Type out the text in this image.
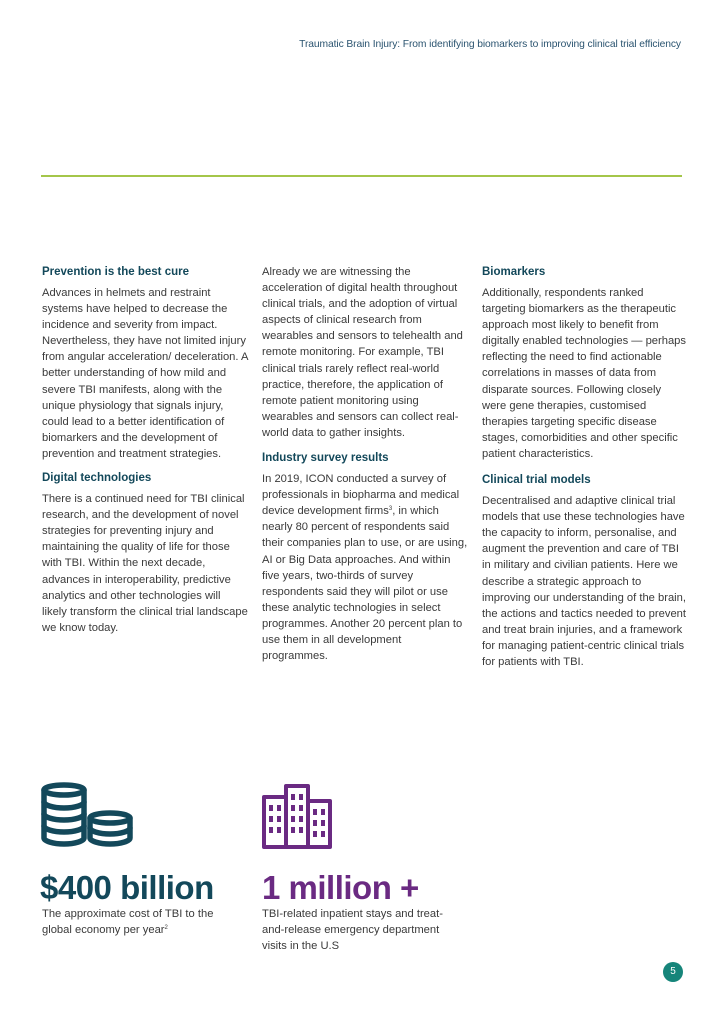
Traumatic Brain Injury: From identifying biomarkers to improving clinical trial efficiency
Prevention is the best cure

Advances in helmets and restraint systems have helped to decrease the incidence and severity from impact. Nevertheless, they have not limited injury from angular acceleration/ deceleration. A better understanding of how mild and severe TBI manifests, along with the unique physiology that signals injury, could lead to a better identification of biomarkers and the development of prevention and treatment strategies.

Digital technologies

There is a continued need for TBI clinical research, and the development of novel strategies for preventing injury and maintaining the quality of life for those with TBI. Within the next decade, advances in interoperability, predictive analytics and other technologies will likely transform the clinical trial landscape we know today.

Already we are witnessing the acceleration of digital health throughout clinical trials, and the adoption of virtual aspects of clinical research from wearables and sensors to telehealth and remote monitoring. For example, TBI clinical trials rarely reflect real-world practice, therefore, the application of remote patient monitoring using wearables and sensors can collect real-world data to gather insights.

Industry survey results

In 2019, ICON conducted a survey of professionals in biopharma and medical device development firms$^3$, in which nearly 80 percent of respondents said their companies plan to use, or are using, AI or Big Data approaches. And within five years, two-thirds of survey respondents said they will pilot or use these analytic technologies in select programmes. Another 20 percent plan to use them in all development programmes.

Biomarkers

Additionally, respondents ranked targeting biomarkers as the therapeutic approach most likely to benefit from digitally enabled technologies — perhaps reflecting the need to find actionable correlations in masses of data from disparate sources. Following closely were gene therapies, customised therapies targeting specific disease stages, comorbidities and other specific patient characteristics.

Clinical trial models

Decentralised and adaptive clinical trial models that use these technologies have the capacity to inform, personalise, and augment the prevention and care of TBI in military and civilian patients. Here we describe a strategic approach to improving our understanding of the brain, the actions and tactics needed to prevent and treat brain injuries, and a framework for managing patient-centric clinical trials for patients with TBI.

$400 billion
The approximate cost of TBI to the global economy per year$^2$
1 million +
TBI-related inpatient stays and treat-and-release emergency department visits in the U.S
5
